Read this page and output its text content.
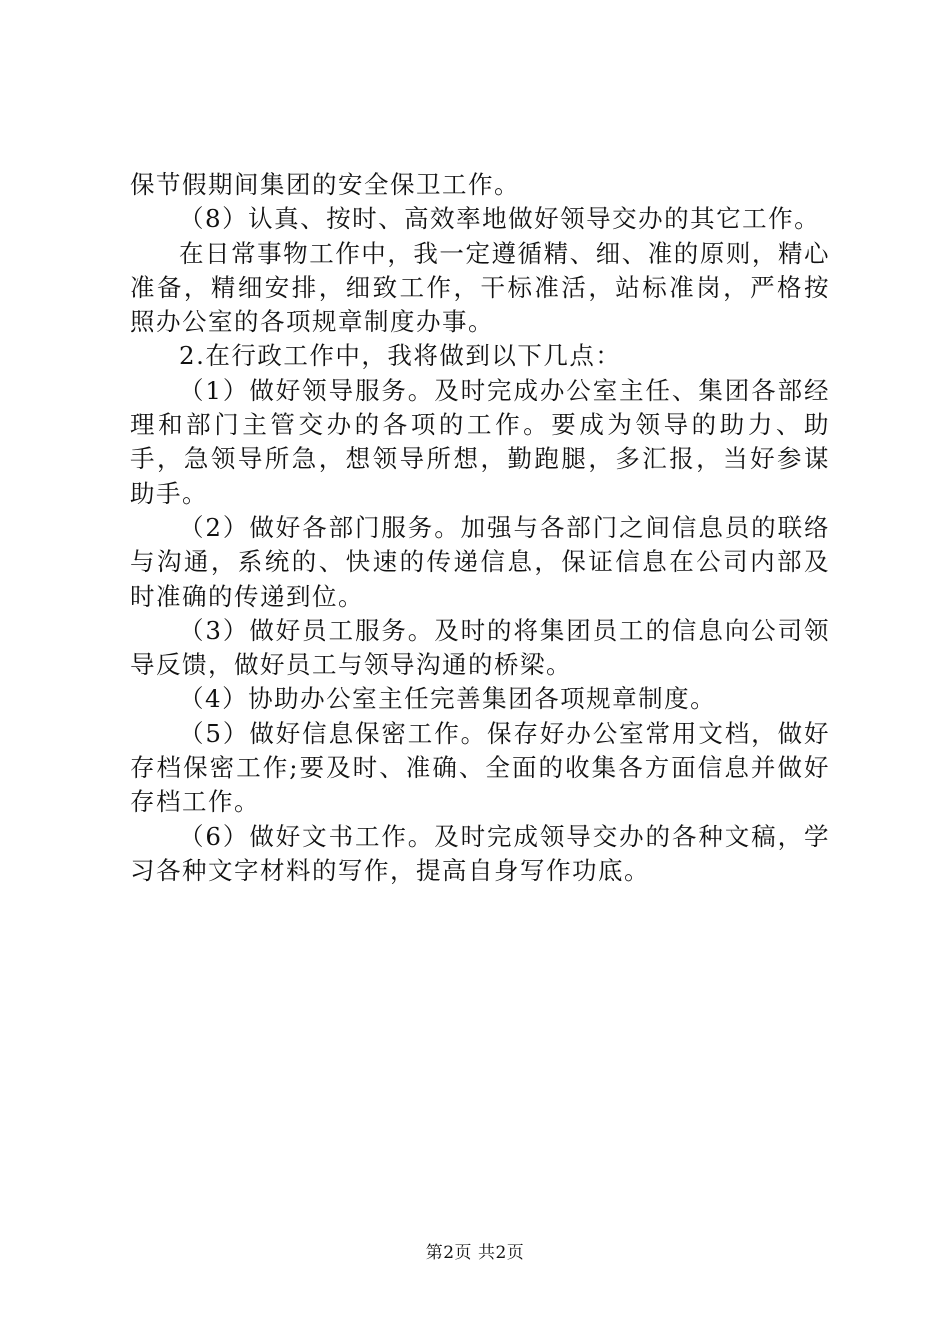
保节假期间集团的安全保卫工作。

（8）认真、按时、高效率地做好领导交办的其它工作。

在日常事物工作中，我一定遵循精、细、准的原则，精心准备，精细安排，细致工作，干标准活，站标准岗，严格按照办公室的各项规章制度办事。

2.在行政工作中，我将做到以下几点：

（1）做好领导服务。及时完成办公室主任、集团各部经理和部门主管交办的各项的工作。要成为领导的助力、助手，急领导所急，想领导所想，勤跑腿，多汇报，当好参谋助手。

（2）做好各部门服务。加强与各部门之间信息员的联络与沟通，系统的、快速的传递信息，保证信息在公司内部及时准确的传递到位。

（3）做好员工服务。及时的将集团员工的信息向公司领导反馈，做好员工与领导沟通的桥梁。

（4）协助办公室主任完善集团各项规章制度。

（5）做好信息保密工作。保存好办公室常用文档，做好存档保密工作;要及时、准确、全面的收集各方面信息并做好存档工作。

（6）做好文书工作。及时完成领导交办的各种文稿，学习各种文字材料的写作，提高自身写作功底。

第2页 共2页
